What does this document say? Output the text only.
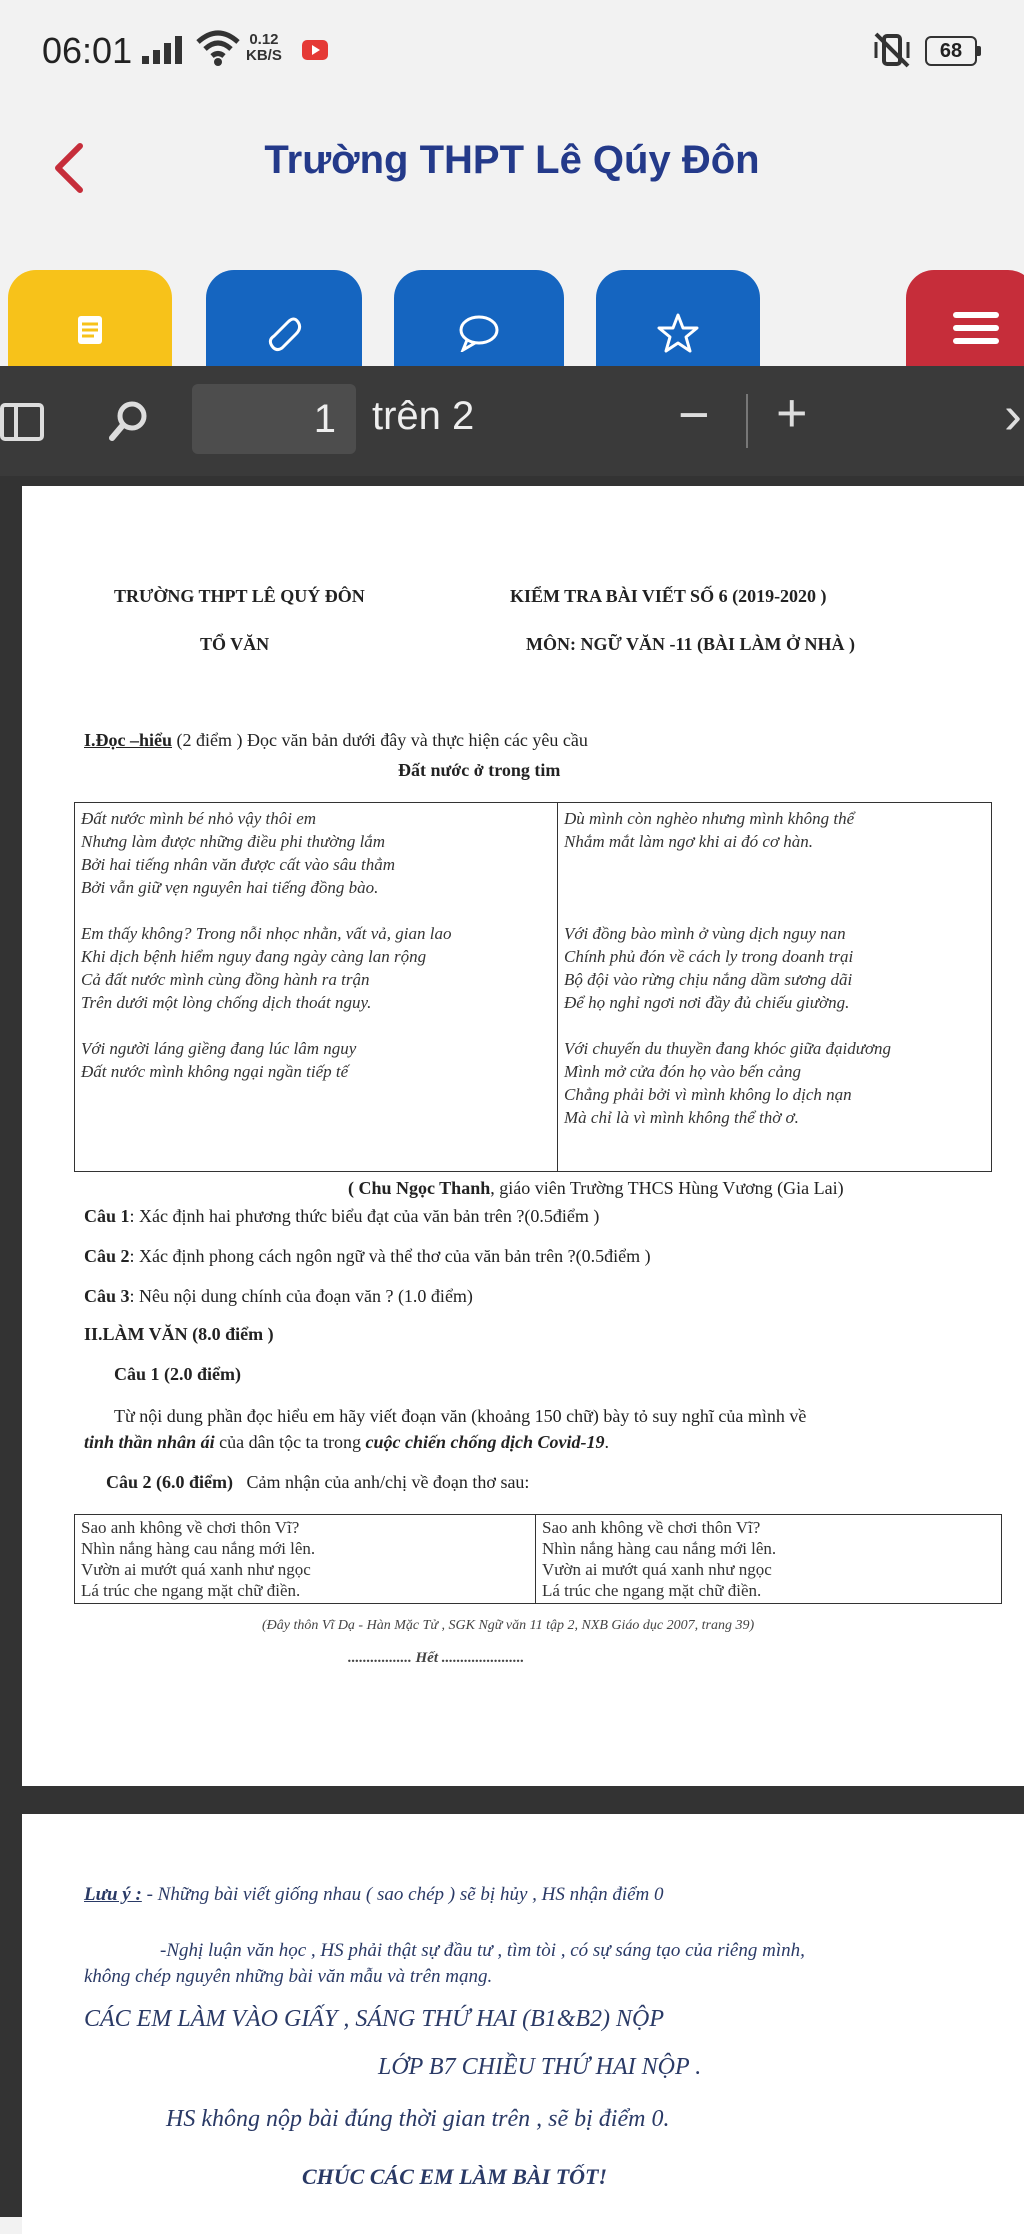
06:01	0.12
KB/S	68
Trường THPT Lê Qúy Đôn
1 trên 2	− +	›
TRƯỜNG THPT LÊ QUÝ ĐÔN
TỔ VĂN
KIỂM TRA BÀI VIẾT SỐ 6 (2019-2020 )
MÔN: NGỮ VĂN -11 (BÀI LÀM Ở NHÀ )
I.Đọc –hiểu (2 điểm ) Đọc văn bản dưới đây và thực hiện các yêu cầu
Đất nước ở trong tim
Đất nước mình bé nhỏ vậy thôi em
Nhưng làm được những điều phi thường lắm
Bởi hai tiếng nhân văn được cất vào sâu thẳm
Bởi vẫn giữ vẹn nguyên hai tiếng đồng bào.
Em thấy không? Trong nỗi nhọc nhằn, vất vả, gian lao
Khi dịch bệnh hiểm nguy đang ngày càng lan rộng
Cả đất nước mình cùng đồng hành ra trận
Trên dưới một lòng chống dịch thoát nguy.
Với người láng giềng đang lúc lâm nguy
Đất nước mình không ngại ngần tiếp tế

Dù mình còn nghèo nhưng mình không thể
Nhắm mắt làm ngơ khi ai đó cơ hàn.
Với đồng bào mình ở vùng dịch nguy nan
Chính phủ đón về cách ly trong doanh trại
Bộ đội vào rừng chịu nắng dầm sương dãi
Để họ nghỉ ngơi nơi đầy đủ chiếu giường.
Với chuyến du thuyền đang khóc giữa đạidương
Mình mở cửa đón họ vào bến cảng
Chẳng phải bởi vì mình không lo dịch nạn
Mà chỉ là vì mình không thể thờ ơ.
( Chu Ngọc Thanh, giáo viên Trường THCS Hùng Vương (Gia Lai)
Câu 1: Xác định hai phương thức biểu đạt của văn bản trên ?(0.5điểm )
Câu 2: Xác định phong cách ngôn ngữ và thể thơ của văn bản trên ?(0.5điểm )
Câu 3: Nêu nội dung chính của đoạn văn ? (1.0 điểm)
II.LÀM VĂN (8.0 điểm )
Câu 1 (2.0 điểm)
Từ nội dung phần đọc hiểu em hãy viết đoạn văn (khoảng 150 chữ) bày tỏ suy nghĩ của mình về
tinh thần nhân ái của dân tộc ta trong cuộc chiến chống dịch Covid-19.
Câu 2 (6.0 điểm) Cảm nhận của anh/chị về đoạn thơ sau:
Sao anh không về chơi thôn Vĩ?
Nhìn nắng hàng cau nắng mới lên.
Vườn ai mướt quá xanh như ngọc
Lá trúc che ngang mặt chữ điền.

Sao anh không về chơi thôn Vĩ?
Nhìn nắng hàng cau nắng mới lên.
Vườn ai mướt quá xanh như ngọc
Lá trúc che ngang mặt chữ điền.
(Đây thôn Vĩ Dạ - Hàn Mặc Tử , SGK Ngữ văn 11 tập 2, NXB Giáo dục 2007, trang 39)
................. Hết ......................
Lưu ý : - Những bài viết giống nhau ( sao chép ) sẽ bị hủy , HS nhận điểm 0
-Nghị luận văn học , HS phải thật sự đầu tư , tìm tòi , có sự sáng tạo của riêng mình,
không chép nguyên những bài văn mẫu và trên mạng.
CÁC EM LÀM VÀO GIẤY , SÁNG THỨ HAI (B1&B2) NỘP
LỚP B7 CHIỀU THỨ HAI NỘP .
HS không nộp bài đúng thời gian trên , sẽ bị điểm 0.
CHÚC CÁC EM LÀM BÀI TỐT!
